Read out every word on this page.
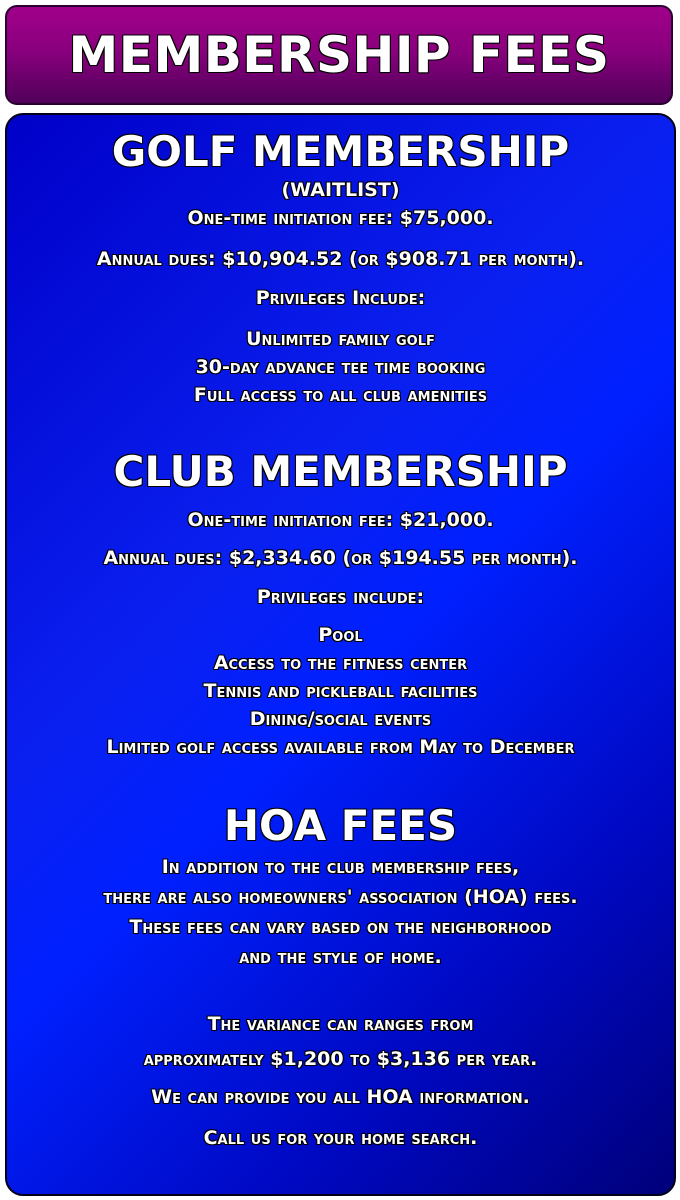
MEMBERSHIP FEES
GOLF MEMBERSHIP
(WAITLIST)
One-time initiation fee: $75,000.
Annual dues: $10,904.52 (or $908.71 per month).
Privileges Include:
Unlimited family golf
30-day advance tee time booking
Full access to all club amenities
CLUB MEMBERSHIP
One-time initiation fee: $21,000.
Annual dues: $2,334.60 (or $194.55 per month).
Privileges include:
Pool
Access to the fitness center
Tennis and pickleball facilities
Dining/social events
Limited golf access available from May to December
HOA FEES
In addition to the club membership fees,
there are also homeowners' association (HOA) fees.
These fees can vary based on the neighborhood
and the style of home.
The variance can ranges from
approximately $1,200 to $3,136 per year.
We can provide you all HOA information.
Call us for your home search.
